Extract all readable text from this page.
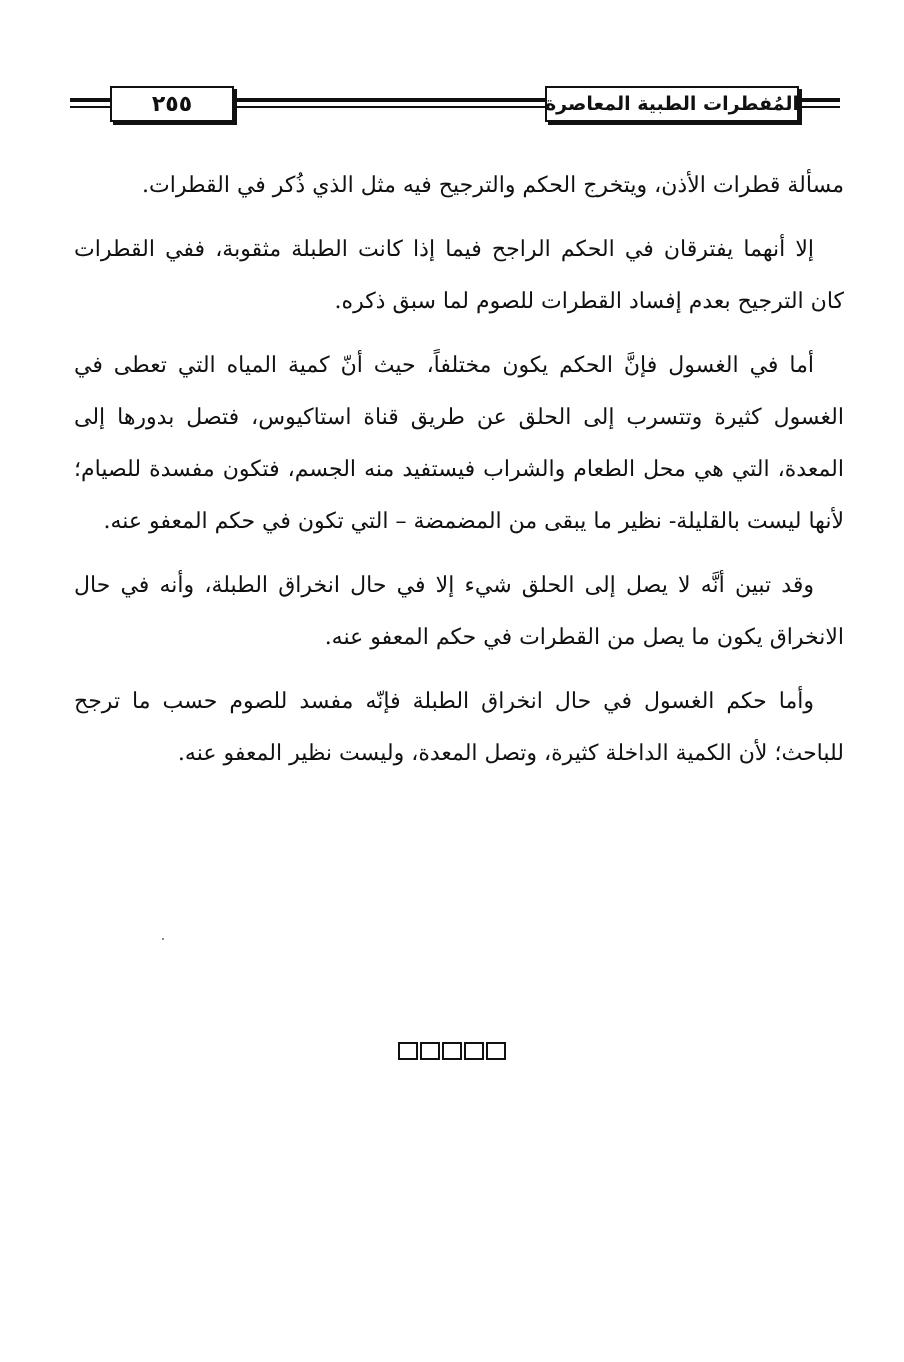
٢٥٥	المُفطرات الطبية المعاصرة

مسألة قطرات الأذن، ويتخرج الحكم والترجيح فيه مثل الذي ذُكر في القطرات.

إلا أنهما يفترقان في الحكم الراجح فيما إذا كانت الطبلة مثقوبة، ففي القطرات كان الترجيح بعدم إفساد القطرات للصوم لما سبق ذكره.

أما في الغسول فإنَّ الحكم يكون مختلفاً، حيث أنّ كمية المياه التي تعطى في الغسول كثيرة وتتسرب إلى الحلق عن طريق قناة استاكيوس، فتصل بدورها إلى المعدة، التي هي محل الطعام والشراب فيستفيد منه الجسم، فتكون مفسدة للصيام؛ لأنها ليست بالقليلة- نظير ما يبقى من المضمضة – التي تكون في حكم المعفو عنه.

وقد تبين أنَّه لا يصل إلى الحلق شيء إلا في حال انخراق الطبلة، وأنه في حال الانخراق يكون ما يصل من القطرات في حكم المعفو عنه.

وأما حكم الغسول في حال انخراق الطبلة فإنّه مفسد للصوم حسب ما ترجح للباحث؛ لأن الكمية الداخلة كثيرة، وتصل المعدة، وليست نظير المعفو عنه.
